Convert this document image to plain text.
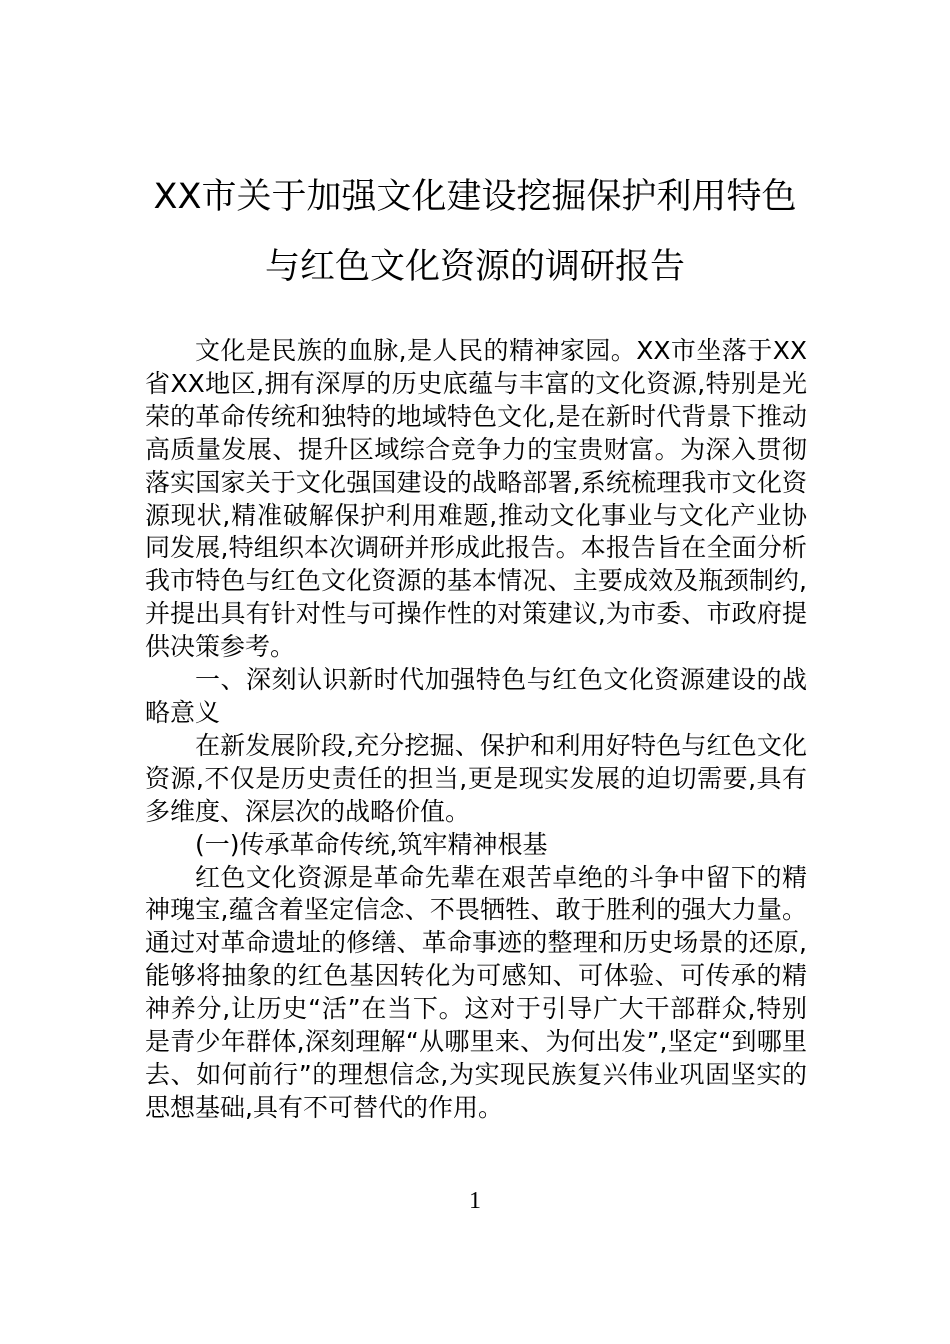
XX市关于加强文化建设挖掘保护利用特色
与红色文化资源的调研报告

文化是民族的血脉,是人民的精神家园。XX市坐落于XX省XX地区,拥有深厚的历史底蕴与丰富的文化资源,特别是光荣的革命传统和独特的地域特色文化,是在新时代背景下推动高质量发展、提升区域综合竞争力的宝贵财富。为深入贯彻落实国家关于文化强国建设的战略部署,系统梳理我市文化资源现状,精准破解保护利用难题,推动文化事业与文化产业协同发展,特组织本次调研并形成此报告。本报告旨在全面分析我市特色与红色文化资源的基本情况、主要成效及瓶颈制约,并提出具有针对性与可操作性的对策建议,为市委、市政府提供决策参考。

一、深刻认识新时代加强特色与红色文化资源建设的战略意义

在新发展阶段,充分挖掘、保护和利用好特色与红色文化资源,不仅是历史责任的担当,更是现实发展的迫切需要,具有多维度、深层次的战略价值。

(一)传承革命传统,筑牢精神根基

红色文化资源是革命先辈在艰苦卓绝的斗争中留下的精神瑰宝,蕴含着坚定信念、不畏牺牲、敢于胜利的强大力量。通过对革命遗址的修缮、革命事迹的整理和历史场景的还原,能够将抽象的红色基因转化为可感知、可体验、可传承的精神养分,让历史“活”在当下。这对于引导广大干部群众,特别是青少年群体,深刻理解“从哪里来、为何出发”,坚定“到哪里去、如何前行”的理想信念,为实现民族复兴伟业巩固坚实的思想基础,具有不可替代的作用。

1
